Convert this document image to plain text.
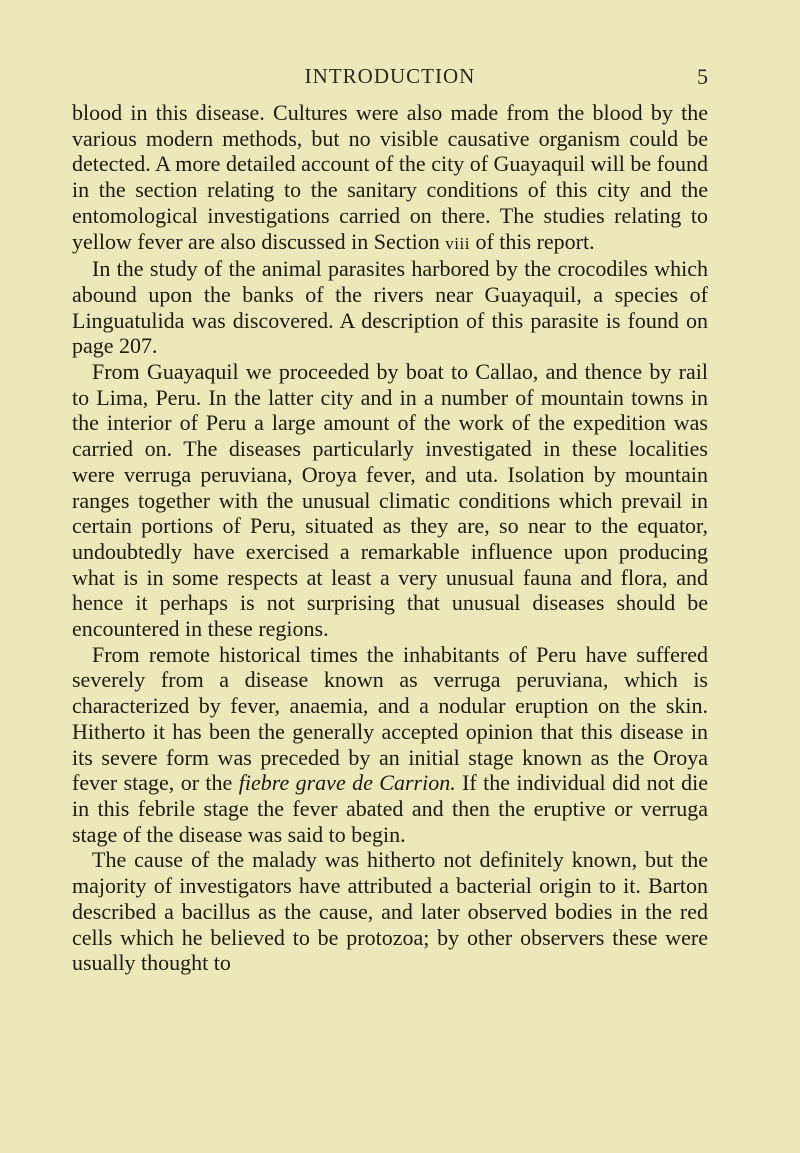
INTRODUCTION	5

blood in this disease. Cultures were also made from the blood by the various modern methods, but no visible causative organism could be detected. A more detailed account of the city of Guayaquil will be found in the section relating to the sanitary conditions of this city and the entomological investigations carried on there. The studies relating to yellow fever are also discussed in Section viii of this report.

In the study of the animal parasites harbored by the crocodiles which abound upon the banks of the rivers near Guayaquil, a species of Linguatulida was discovered. A description of this parasite is found on page 207.

From Guayaquil we proceeded by boat to Callao, and thence by rail to Lima, Peru. In the latter city and in a number of mountain towns in the interior of Peru a large amount of the work of the expedition was carried on. The diseases particularly investigated in these localities were verruga peruviana, Oroya fever, and uta. Isolation by mountain ranges together with the unusual climatic conditions which prevail in certain portions of Peru, situated as they are, so near to the equator, undoubtedly have exercised a remarkable influence upon producing what is in some respects at least a very unusual fauna and flora, and hence it perhaps is not surprising that unusual diseases should be encountered in these regions.

From remote historical times the inhabitants of Peru have suffered severely from a disease known as verruga peruviana, which is characterized by fever, anaemia, and a nodular eruption on the skin. Hitherto it has been the generally accepted opinion that this disease in its severe form was preceded by an initial stage known as the Oroya fever stage, or the fiebre grave de Carrion. If the individual did not die in this febrile stage the fever abated and then the eruptive or verruga stage of the disease was said to begin.

The cause of the malady was hitherto not definitely known, but the majority of investigators have attributed a bacterial origin to it. Barton described a bacillus as the cause, and later observed bodies in the red cells which he believed to be protozoa; by other observers these were usually thought to
